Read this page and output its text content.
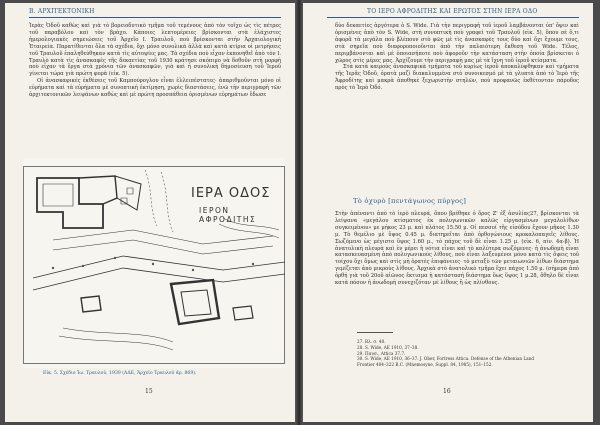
Β. ΑΡΧΙΤΕΚΤΟΝΙΚΗ

Ἱερὰς Ὁδοῦ καθὼς καὶ γιὰ τὸ βορειοδυτικὸ τμῆμα τοῦ τεμένους ἀπὸ τὸν τοῖχο ὡς τὶς πέτρες τοῦ παραβόλου καὶ τὸν βράχο. Κάποιες λεπτομέρειες βρίσκονται στὰ ἐλάχιστες ἡμερολογιακὲς σημειώσεις τοῦ Ἀρχεῖο Ι. Τραυλοῦ, ποὺ βρίσκονται στὴν Ἀρχαιολογικὴ Ἑταιρεία. Παρατίθενται ὅλα τὰ σχέδια, ὄχι μόνο συνολικὰ ἀλλὰ καὶ κατὰ κτίρια οἱ μετρήσεις τοῦ Τραυλοῦ ἐπαληθεύθηκαν κατὰ τὶς αὐτοψίες μας. Τὰ σχέδια ποὺ εἶχαν ἐκπονηθεῖ ἀπὸ τὸν Ι. Τραυλὸ κατὰ τὶς ἀνασκαφὲς τῆς δεκαετίας τοῦ 1930 κράτησε σκόπιμο νὰ δοθοῦν στὴ μορφὴ ποὺ εἶχαν τὰ ἔργα στὰ χρόνια τῶν ἀνασκαφῶν, γιὰ καὶ ἡ συνολικὴ δημοσίευση τοῦ Ἱεροῦ γίνεται τώρα γιὰ πρώτη φορὰ (εἰκ. 5).

Οἱ ἀνασκαφικὲς ἐκθέσεις τοῦ Καμπούρογλου εἶναι ἐλλειπέστατες· ἀπαριθμοῦνται μόνο οἱ εὑρήματα καὶ τὰ εὑρήματα μὲ συνοπτικὴ ἐκτίμηση, χωρὶς διαστάσεις, ἐνῶ τὴν περιγραφὴ τῶν ἀρχιτεκτονικῶν λειψάνων καθὼς καὶ μὲ πρώτη προσπάθεια ὁρισμένων εὑρημάτων ἔδωσε

ΙΕΡΑ ΟΔΟΣ
ΙΕΡΟΝ ΑΦΡΟΔΙΤΗΣ
Εἰκ. 5. Σχέδιο Ἰω. Τραυλοῦ, 1939 (ΑΔΕ, Ἀρχεῖο Τραυλοῦ ἀρ. 869).
15
ΤΟ ΙΕΡΟ ΑΦΡΟΔΙΤΗΣ ΚΑΙ ΕΡΩΤΟΣ ΣΤΗΝ ΙΕΡΑ ΟΔΟ

δύο δεκαετίες ἀργότερα ὁ S. Wide. Γιὰ τὴν περιγραφὴ τοῦ ἱεροῦ λαμβάνονται ὑπ' ὄψιν καὶ ὁρισμένες ἀπὸ τὸν S. Wide, στὴ συνοπτικὴ ποὺ γραφεὶ τοῦ Τραυλοῦ (εἰκ. 5), ὅπου σὲ ὅ,τι ἀφορᾶ τὰ μεγάλα ποὺ βλέπουν στὸ φῶς μὲ τὶς ἀνασκαφὲς τους δύο καὶ ὅχι ἔχουμε τους, στὰ σημεῖα ποὺ διαφοροποιοῦνται ἀπὸ τὴν παλαιότερη ἔκθεση τοῦ Wide. Τέλος, περιμβάνονται καὶ μὲ ὁποιασήποτε ποὺ ἀφοροῦν τὴν κατάσταση στὴν ὁποία βρίσκεται ὁ χῶρος στὶς μέρες μας. Ἀρχίζουμε τὴν περιγραφὴ μας μὲ τὰ ἴχνη τοῦ ἱεροῦ κτίσματα.

Στὰ κατὰ καιροὺς ἀνασκαφικὰ τμήματα τοῦ κυρίως ἱεροῦ ἀποκαλύφθηκαν καὶ τμήματα τῆς Ἱερᾶς Ὁδοῦ, ὁρατὰ μαζὶ διακαλυμμένα στὸ συνοικεσμό μὲ τὰ γλυπτὰ ἀπὸ τὸ Ἱερὸ τῆς Ἀφροδίτης καὶ μακρὰ ἀποθηκὲ ξεχωριστὴν στηλῶν, ποὺ προφανῶς ἐκθέτονταν πάροδος πρὸς τὸ Ἱερὸ Ὀδό.

Τὸ ὀχυρὸ [πεντάγωνος πύργος]

Στὴν ἀπέναντι ἀπὸ τὸ ἱερὸ πλευρά, ὅπου βρέθηκε ὁ ὅρος Ζ' ἐξ ἀσυλίας27, βρίσκονται τὰ λείψανα «μεγάλου κτίσματος ἐκ πολυγωνικῶν καλῶς εἰργασμένων μεγαλολίθων συγκειμένου» με μήκος 23 μ. καὶ πλάτος 15.50 μ. Οἱ πεσσοί τῆς εἰσόδου ἔχουν μῆκος 1.30 μ. Τὸ θεμέλιο μὲ ὕψος 0.45 μ. διατηρεῖται ἀπὸ ὀρθογώνιους κροκαλοπαγεῖς λίθους. Σωζόμενο ὡς μέγιστο ὕψος 1.60 μ., τὸ πάχος τοῦ δὲ εἶναι 1.25 μ. (εἰκ. 6, πίν. 4α-β). Ἡ ἀνατολικὴ πλευρὰ καὶ ἐν μέρει ἡ νότια εἶναι καὶ τὸ καλύτερα σωζόμενες· ἡ ἀνωδομὴ εἶναι κατασκευασμένη ἀπὸ πολυγωνικούς λίθους, ποὺ εἶναι λαξευμένοι μόνο κατὰ τὶς ὄψεις τοῦ τοίχου ὅχι ὅμως καὶ στὶς μὴ ὁρατὲς ἐπιφάνειες· τὸ μεταξὺ τῶν μεταιωνιῶν λίθων διάστημα γεμίζεται ἀπὸ μικροὺς λίθους. Ἀρχικὰ στὸ ἀνατολικὸ τμῆμα ἔχει πάχος 1.50 μ. (σήμερα ἀπὸ ὀρθή γιὰ τοῦ 20οῦ αἰῶνος ἔκτισμα ἡ κατάστασή διάστημα ὅως ὕψος 1 μ.28, ὅθηλο δὲ εἶναι κατὰ πόσον ἡ ἀνωδομὴ συνεχιζόταν μὲ λίθους ἢ ὡς πλίνθους.

27. Βλ. σ. 40.
28. S. Wide, AE 1910, 37–38.
29. Παυσ., Attica 37.7.
30. S. Wide, AE 1910, 36–37. J. Ober, Fortress Attica. Defense of the Athenian Land
Frontier 404–322 B.C. (Mnemosyne, Suppl. 84, 1985), 151–152.
16
